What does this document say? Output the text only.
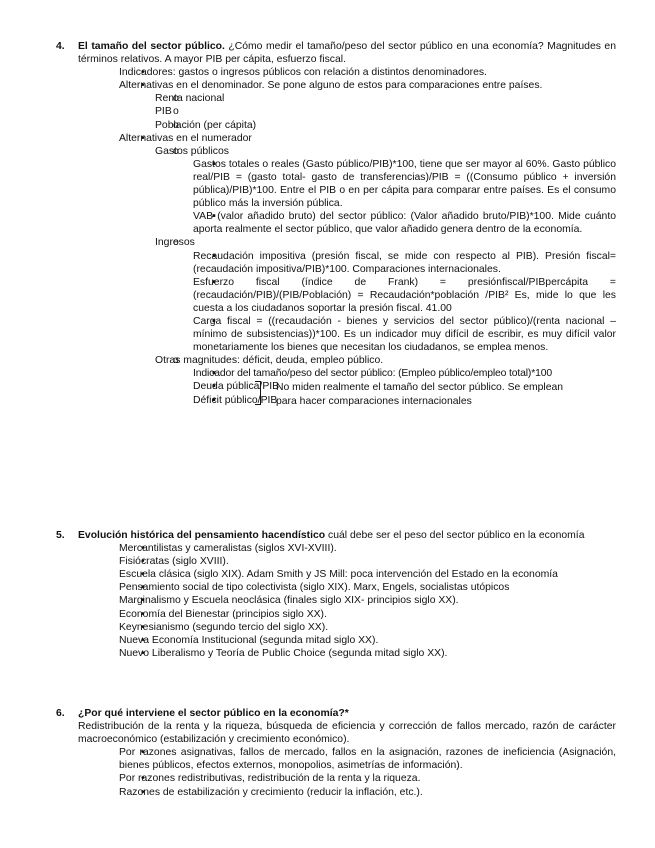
4. El tamaño del sector público. ¿Cómo medir el tamaño/peso del sector público en una economía? Magnitudes en términos relativos. A mayor PIB per cápita, esfuerzo fiscal.
• Indicadores: gastos o ingresos públicos con relación a distintos denominadores.
• Alternativas en el denominador. Se pone alguno de estos para comparaciones entre países.
o Renta nacional
o PIB
o Población (per cápita)
• Alternativas en el numerador
o Gastos públicos
▪ Gastos totales o reales (Gasto público/PIB)*100, tiene que ser mayor al 60%. Gasto público real/PIB = (gasto total- gasto de transferencias)/PIB = ((Consumo público + inversión pública)/PIB)*100. Entre el PIB o en per cápita para comparar entre países. Es el consumo público más la inversión pública.
▪ VAB (valor añadido bruto) del sector público: (Valor añadido bruto/PIB)*100. Mide cuánto aporta realmente el sector público, que valor añadido genera dentro de la economía.
o Ingresos
▪ Recaudación impositiva (presión fiscal, se mide con respecto al PIB). Presión fiscal= (recaudación impositiva/PIB)*100. Comparaciones internacionales.
▪ Esfuerzo fiscal (índice de Frank) = presiónfiscal/PIBpercápita = (recaudación/PIB)/(PIB/Población) = Recaudación*población /PIB² Es, mide lo que les cuesta a los ciudadanos soportar la presión fiscal. 41.00
▪ Carga fiscal = ((recaudación - bienes y servicios del sector público)/(renta nacional – mínimo de subsistencias))*100. Es un indicador muy difícil de escribir, es muy difícil valor monetariamente los bienes que necesitan los ciudadanos, se emplea menos.
o Otras magnitudes: déficit, deuda, empleo público.
▪ Indicador del tamaño/peso del sector público: (Empleo público/empleo total)*100
▪ Deuda pública/PIB
▪ Déficit público/PIB
No miden realmente el tamaño del sector público. Se emplean para hacer comparaciones internacionales
5. Evolución histórica del pensamiento hacendístico cuál debe ser el peso del sector público en la economía
• Mercantilistas y cameralistas (siglos XVI-XVIII).
• Fisiócratas (siglo XVIII).
• Escuela clásica (siglo XIX). Adam Smith y JS Mill: poca intervención del Estado en la economía
• Pensamiento social de tipo colectivista (siglo XIX). Marx, Engels, socialistas utópicos
• Marginalismo y Escuela neoclásica (finales siglo XIX- principios siglo XX).
• Economía del Bienestar (principios siglo XX).
• Keynesianismo (segundo tercio del siglo XX).
• Nueva Economía Institucional (segunda mitad siglo XX).
• Nuevo Liberalismo y Teoría de Public Choice (segunda mitad siglo XX).
6. ¿Por qué interviene el sector público en la economía?*
Redistribución de la renta y la riqueza, búsqueda de eficiencia y corrección de fallos mercado, razón de carácter macroeconómico (estabilización y crecimiento económico).
• Por razones asignativas, fallos de mercado, fallos en la asignación, razones de ineficiencia (Asignación, bienes públicos, efectos externos, monopolios, asimetrías de información).
• Por razones redistributivas, redistribución de la renta y la riqueza.
• Razones de estabilización y crecimiento (reducir la inflación, etc.).
